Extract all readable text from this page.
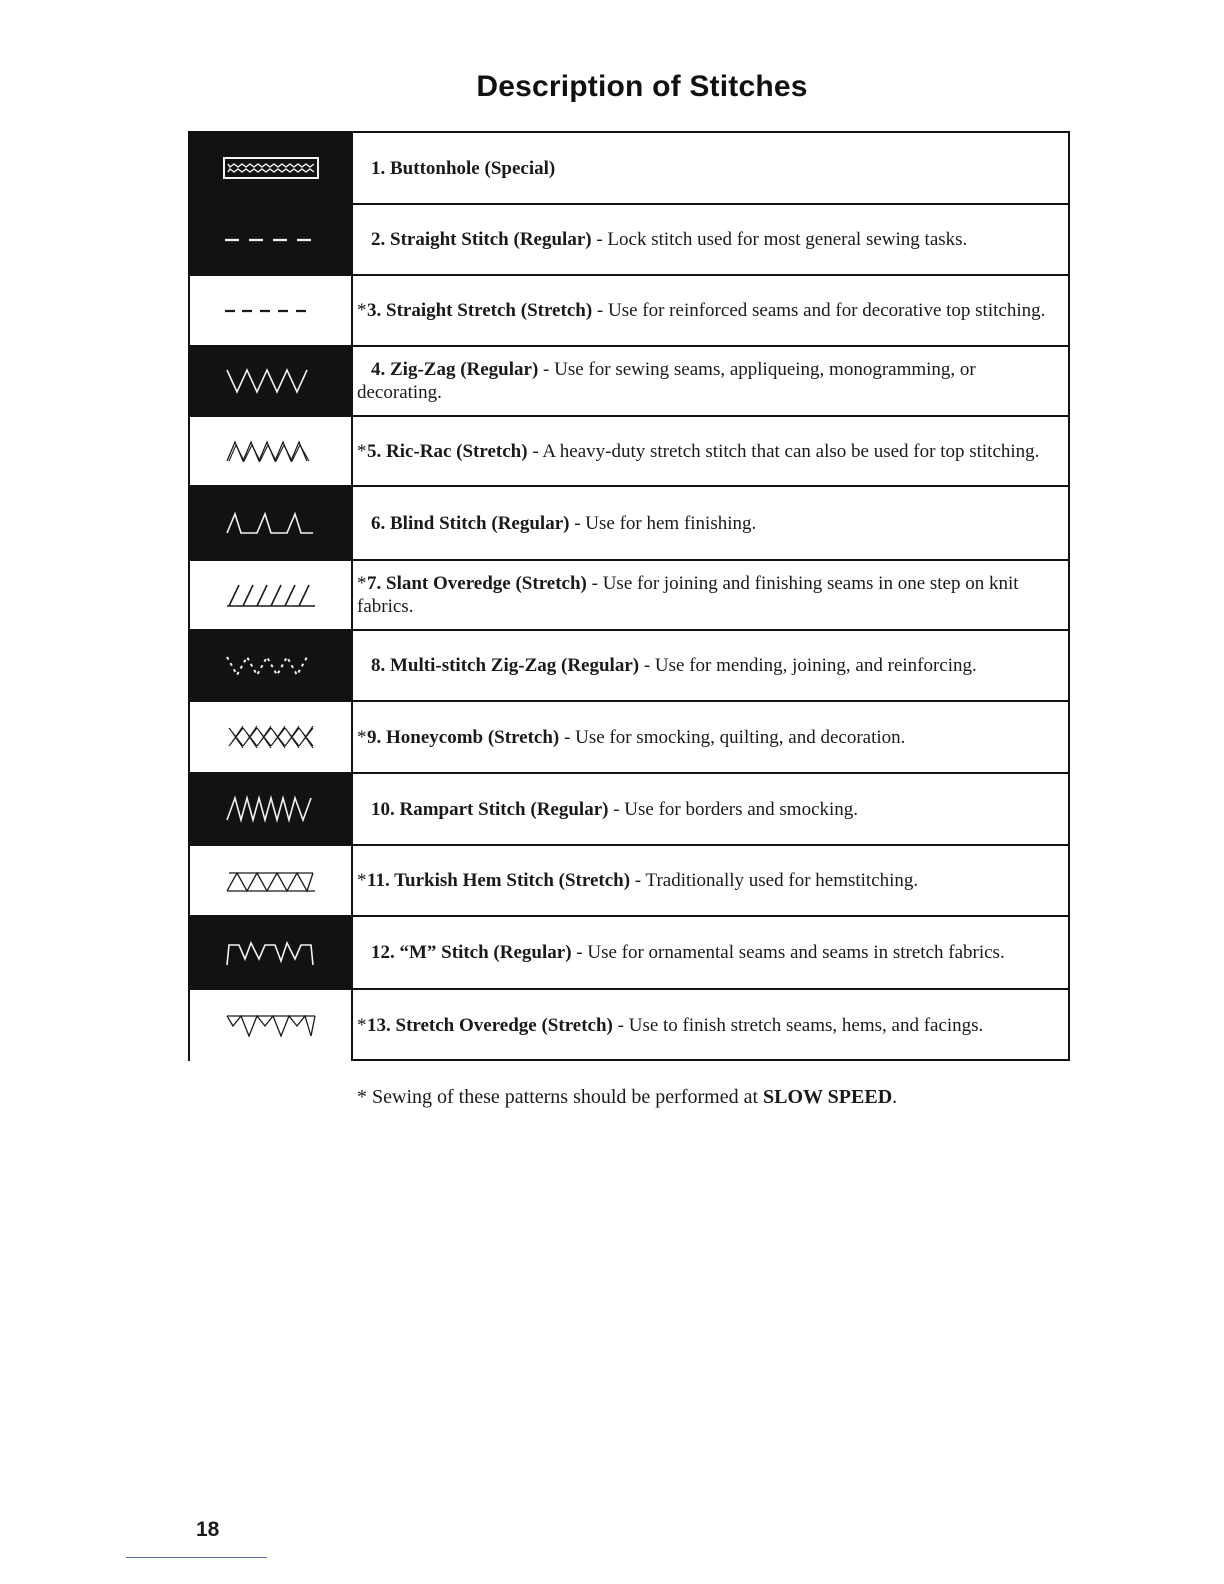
Description of Stitches
1. Buttonhole (Special)
2. Straight Stitch (Regular) - Lock stitch used for most general sewing tasks.
*3. Straight Stretch (Stretch) - Use for reinforced seams and for decorative top stitching.
4. Zig-Zag (Regular) - Use for sewing seams, appliqueing, monogramming, or decorating.
*5. Ric-Rac (Stretch) - A heavy-duty stretch stitch that can also be used for top stitching.
6. Blind Stitch (Regular) - Use for hem finishing.
*7. Slant Overedge (Stretch) - Use for joining and finishing seams in one step on knit fabrics.
8. Multi-stitch Zig-Zag (Regular) - Use for mending, joining, and reinforcing.
*9. Honeycomb (Stretch) - Use for smocking, quilting, and decoration.
10. Rampart Stitch (Regular) - Use for borders and smocking.
*11. Turkish Hem Stitch (Stretch) - Traditionally used for hemstitching.
12. “M” Stitch (Regular) - Use for ornamental seams and seams in stretch fabrics.
*13. Stretch Overedge (Stretch) - Use to finish stretch seams, hems, and facings.
* Sewing of these patterns should be performed at SLOW SPEED.
18
